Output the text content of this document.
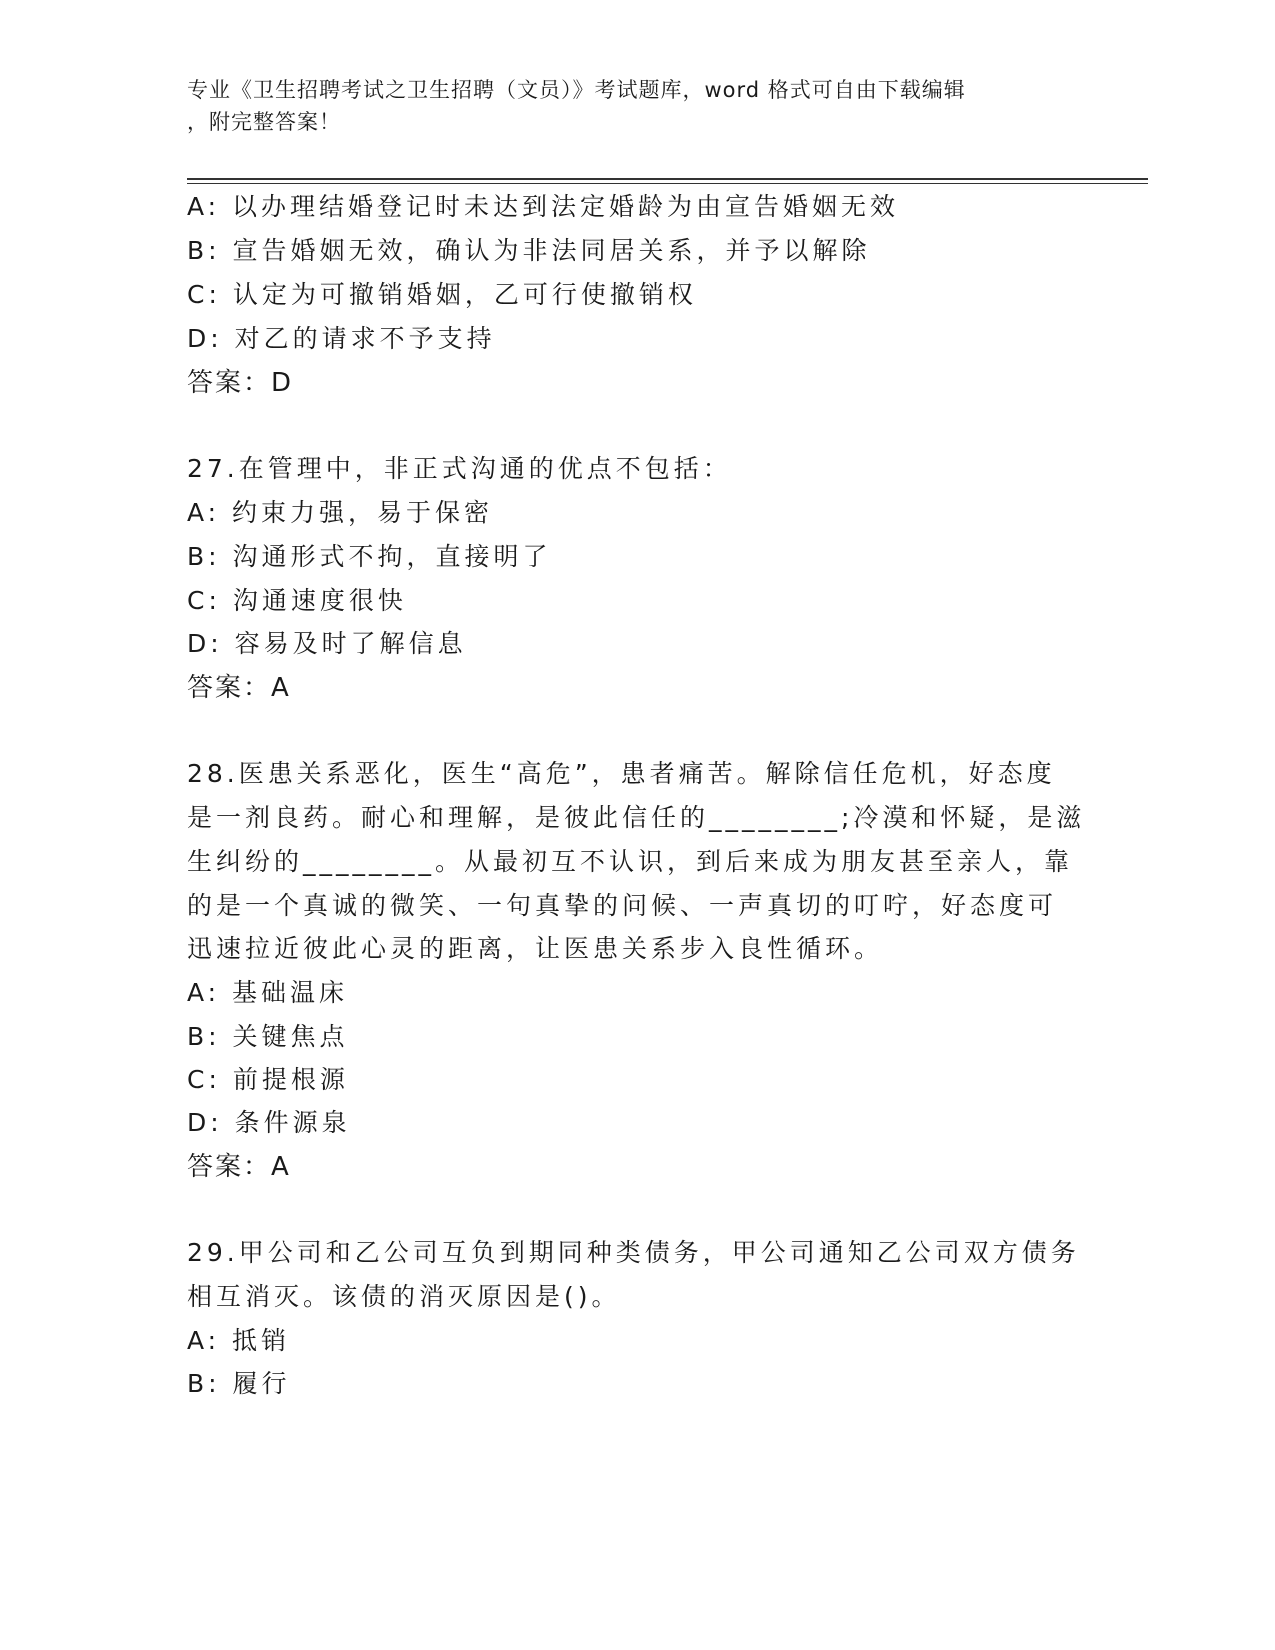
专业《卫生招聘考试之卫生招聘（文员）》考试题库，word 格式可自由下载编辑
，附完整答案！
A: 以办理结婚登记时未达到法定婚龄为由宣告婚姻无效
B: 宣告婚姻无效，确认为非法同居关系，并予以解除
C: 认定为可撤销婚姻，乙可行使撤销权
D: 对乙的请求不予支持
答案：D
27.在管理中，非正式沟通的优点不包括：
A: 约束力强，易于保密
B: 沟通形式不拘，直接明了
C: 沟通速度很快
D: 容易及时了解信息
答案：A
28.医患关系恶化，医生“高危”，患者痛苦。解除信任危机，好态度
是一剂良药。耐心和理解，是彼此信任的________;冷漠和怀疑，是滋
生纠纷的________。从最初互不认识，到后来成为朋友甚至亲人，靠
的是一个真诚的微笑、一句真挚的问候、一声真切的叮咛，好态度可
迅速拉近彼此心灵的距离，让医患关系步入良性循环。
A: 基础温床
B: 关键焦点
C: 前提根源
D: 条件源泉
答案：A
29.甲公司和乙公司互负到期同种类债务，甲公司通知乙公司双方债务
相互消灭。该债的消灭原因是()。
A: 抵销
B: 履行
